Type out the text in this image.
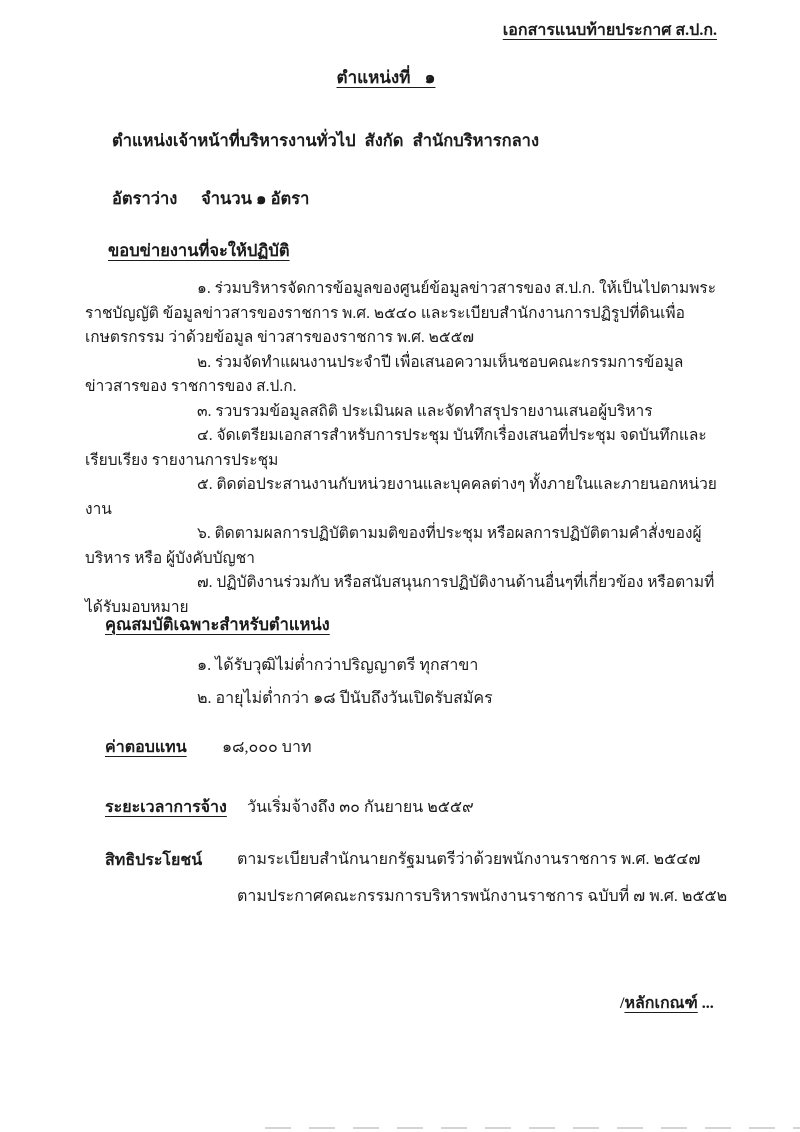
เอกสารแนบท้ายประกาศ ส.ป.ก.
ตำแหน่งที่ ๑
ตำแหน่งเจ้าหน้าที่บริหารงานทั่วไป สังกัด สำนักบริหารกลาง
อัตราว่าง จำนวน ๑ อัตรา
ขอบข่ายงานที่จะให้ปฏิบัติ

๑. ร่วมบริหารจัดการข้อมูลของศูนย์ข้อมูลข่าวสารของ ส.ป.ก. ให้เป็นไปตามพระราชบัญญัติ ข้อมูลข่าวสารของราชการ พ.ศ. ๒๕๔๐ และระเบียบสำนักงานการปฏิรูปที่ดินเพื่อเกษตรกรรม ว่าด้วยข้อมูล ข่าวสารของราชการ พ.ศ. ๒๕๕๗

๒. ร่วมจัดทำแผนงานประจำปี เพื่อเสนอความเห็นชอบคณะกรรมการข้อมูลข่าวสารของ ราชการของ ส.ป.ก.

๓. รวบรวมข้อมูลสถิติ ประเมินผล และจัดทำสรุปรายงานเสนอผู้บริหาร

๔. จัดเตรียมเอกสารสำหรับการประชุม บันทึกเรื่องเสนอที่ประชุม จดบันทึกและเรียบเรียง รายงานการประชุม

๕. ติดต่อประสานงานกับหน่วยงานและบุคคลต่างๆ ทั้งภายในและภายนอกหน่วยงาน

๖. ติดตามผลการปฏิบัติตามมติของที่ประชุม หรือผลการปฏิบัติตามคำสั่งของผู้บริหาร หรือ ผู้บังคับบัญชา

๗. ปฏิบัติงานร่วมกับ หรือสนับสนุนการปฏิบัติงานด้านอื่นๆที่เกี่ยวข้อง หรือตามที่ ได้รับมอบหมาย

คุณสมบัติเฉพาะสำหรับตำแหน่ง

๑. ได้รับวุฒิไม่ต่ำกว่าปริญญาตรี ทุกสาขา

๒. อายุไม่ต่ำกว่า ๑๘ ปีนับถึงวันเปิดรับสมัคร

ค่าตอบแทน	๑๘,๐๐๐ บาท
ระยะเวลาการจ้าง	วันเริ่มจ้างถึง ๓๐ กันยายน ๒๕๕๙
สิทธิประโยชน์	ตามระเบียบสำนักนายกรัฐมนตรีว่าด้วยพนักงานราชการ พ.ศ. ๒๕๔๗
ตามประกาศคณะกรรมการบริหารพนักงานราชการ ฉบับที่ ๗ พ.ศ. ๒๕๕๒
/หลักเกณฑ์ ...
